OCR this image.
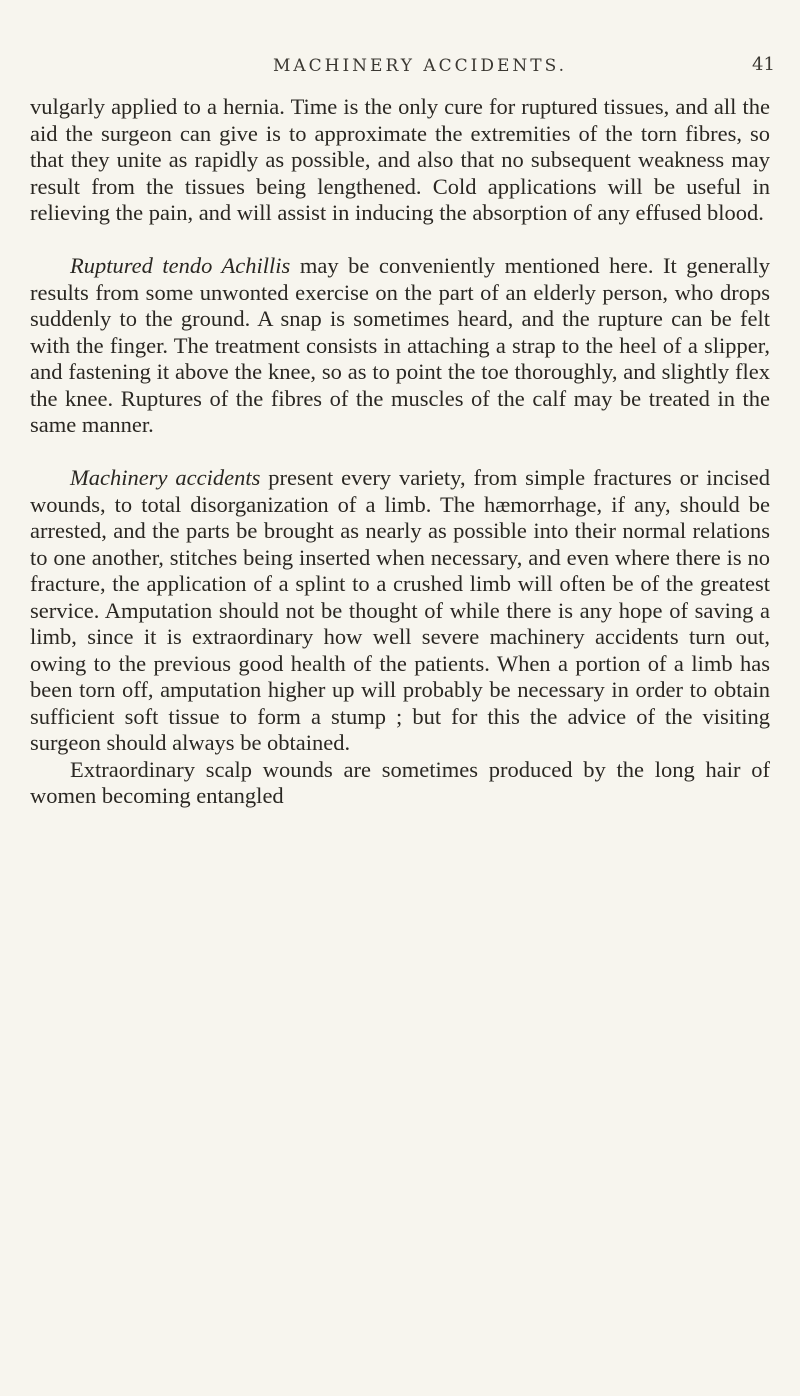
MACHINERY ACCIDENTS.	41

vulgarly applied to a hernia. Time is the only cure for ruptured tissues, and all the aid the surgeon can give is to approximate the extremities of the torn fibres, so that they unite as rapidly as possible, and also that no subsequent weakness may result from the tissues being lengthened. Cold applications will be useful in relieving the pain, and will assist in inducing the absorption of any effused blood.

Ruptured tendo Achillis may be conveniently mentioned here. It generally results from some unwonted exercise on the part of an elderly person, who drops suddenly to the ground. A snap is sometimes heard, and the rupture can be felt with the finger. The treatment consists in attaching a strap to the heel of a slipper, and fastening it above the knee, so as to point the toe thoroughly, and slightly flex the knee. Ruptures of the fibres of the muscles of the calf may be treated in the same manner.

Machinery accidents present every variety, from simple fractures or incised wounds, to total disorganization of a limb. The hæmorrhage, if any, should be arrested, and the parts be brought as nearly as possible into their normal relations to one another, stitches being inserted when necessary, and even where there is no fracture, the application of a splint to a crushed limb will often be of the greatest service. Amputation should not be thought of while there is any hope of saving a limb, since it is extraordinary how well severe machinery accidents turn out, owing to the previous good health of the patients. When a portion of a limb has been torn off, amputation higher up will probably be necessary in order to obtain sufficient soft tissue to form a stump ; but for this the advice of the visiting surgeon should always be obtained.

Extraordinary scalp wounds are sometimes produced by the long hair of women becoming entangled
